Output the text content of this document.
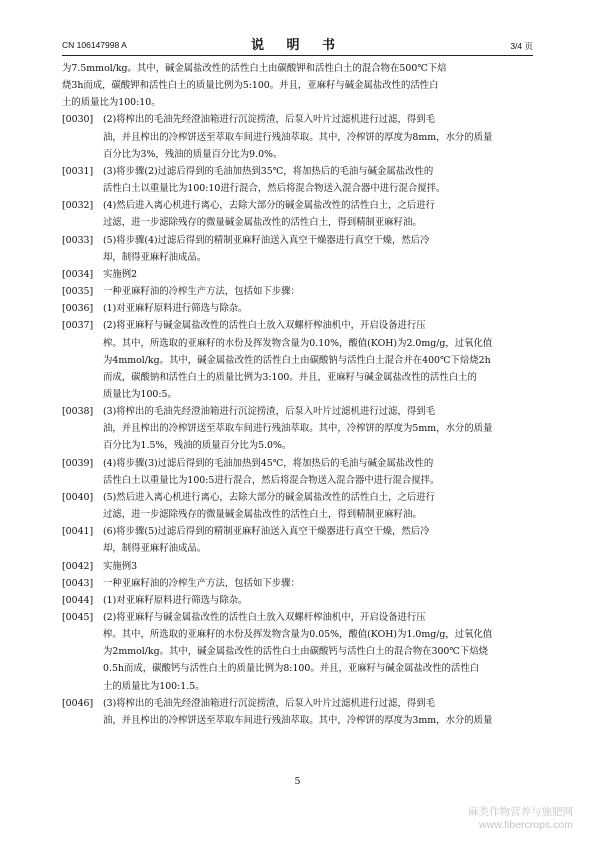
CN 106147998 A	说 明 书	3/4 页
为7.5mmol/kg。其中，碱金属盐改性的活性白土由碳酸钾和活性白土的混合物在500℃下焙
烧3h而成，碳酸钾和活性白土的质量比例为5:100。并且，亚麻籽与碱金属盐改性的活性白
土的质量比为100:10。
[0030]	(2)将榨出的毛油先经澄油箱进行沉淀捞渣，后泵入叶片过滤机进行过滤，得到毛
油，并且榨出的冷榨饼送至萃取车间进行残油萃取。其中，冷榨饼的厚度为8mm，水分的质量
百分比为3%，残油的质量百分比为9.0%。
[0031]	(3)将步骤(2)过滤后得到的毛油加热到35℃，将加热后的毛油与碱金属盐改性的
活性白土以重量比为100:10进行混合，然后将混合物送入混合器中进行混合搅拌。
[0032]	(4)然后进入离心机进行离心，去除大部分的碱金属盐改性的活性白土，之后进行
过滤，进一步滤除残存的微量碱金属盐改性的活性白土，得到精制亚麻籽油。
[0033]	(5)将步骤(4)过滤后得到的精制亚麻籽油送入真空干燥器进行真空干燥，然后冷
却，制得亚麻籽油成品。
[0034]	实施例2
[0035]	一种亚麻籽油的冷榨生产方法，包括如下步骤：
[0036]	(1)对亚麻籽原料进行筛选与除杂。
[0037]	(2)将亚麻籽与碱金属盐改性的活性白土放入双螺杆榨油机中，开启设备进行压
榨。其中，所选取的亚麻籽的水份及挥发物含量为0.10%，酸值(KOH)为2.0mg/g，过氧化值
为4mmol/kg。其中，碱金属盐改性的活性白土由碳酸钠与活性白土混合并在400℃下焙烧2h
而成，碳酸钠和活性白土的质量比例为3:100。并且，亚麻籽与碱金属盐改性的活性白土的
质量比为100:5。
[0038]	(3)将榨出的毛油先经澄油箱进行沉淀捞渣，后泵入叶片过滤机进行过滤，得到毛
油，并且榨出的冷榨饼送至萃取车间进行残油萃取。其中，冷榨饼的厚度为5mm，水分的质量
百分比为1.5%，残油的质量百分比为5.0%。
[0039]	(4)将步骤(3)过滤后得到的毛油加热到45℃，将加热后的毛油与碱金属盐改性的
活性白土以重量比为100:5进行混合，然后将混合物送入混合器中进行混合搅拌。
[0040]	(5)然后进入离心机进行离心，去除大部分的碱金属盐改性的活性白土，之后进行
过滤，进一步滤除残存的微量碱金属盐改性的活性白土，得到精制亚麻籽油。
[0041]	(6)将步骤(5)过滤后得到的精制亚麻籽油送入真空干燥器进行真空干燥，然后冷
却，制得亚麻籽油成品。
[0042]	实施例3
[0043]	一种亚麻籽油的冷榨生产方法，包括如下步骤：
[0044]	(1)对亚麻籽原料进行筛选与除杂。
[0045]	(2)将亚麻籽与碱金属盐改性的活性白土放入双螺杆榨油机中，开启设备进行压
榨。其中，所选取的亚麻籽的水份及挥发物含量为0.05%，酸值(KOH)为1.0mg/g，过氧化值
为2mmol/kg。其中，碱金属盐改性的活性白土由碳酸钙与活性白土的混合物在300℃下焙烧
0.5h而成，碳酸钙与活性白土的质量比例为8:100。并且，亚麻籽与碱金属盐改性的活性白
土的质量比为100:1.5。
[0046]	(3)将榨出的毛油先经澄油箱进行沉淀捞渣，后泵入叶片过滤机进行过滤，得到毛
油，并且榨出的冷榨饼送至萃取车间进行残油萃取。其中，冷榨饼的厚度为3mm，水分的质量
5
麻类作物营养与施肥网
www.fibercrops.com
